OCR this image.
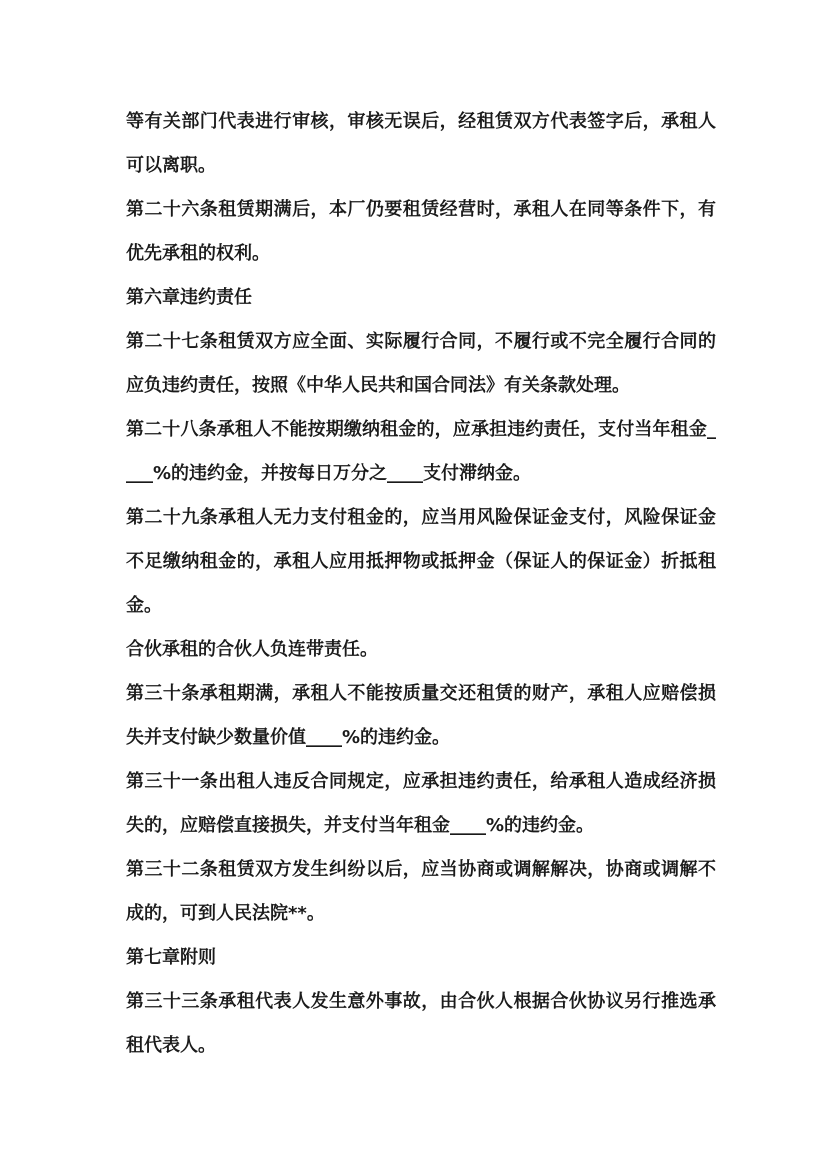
等有关部门代表进行审核，审核无误后，经租赁双方代表签字后，承租人可以离职。

第二十六条租赁期满后，本厂仍要租赁经营时，承租人在同等条件下，有优先承租的权利。

第六章违约责任

第二十七条租赁双方应全面、实际履行合同，不履行或不完全履行合同的应负违约责任，按照《中华人民共和国合同法》有关条款处理。

第二十八条承租人不能按期缴纳租金的，应承担违约责任，支付当年租金____%的违约金，并按每日万分之____支付滞纳金。

第二十九条承租人无力支付租金的，应当用风险保证金支付，风险保证金不足缴纳租金的，承租人应用抵押物或抵押金（保证人的保证金）折抵租金。

合伙承租的合伙人负连带责任。

第三十条承租期满，承租人不能按质量交还租赁的财产，承租人应赔偿损失并支付缺少数量价值____%的违约金。

第三十一条出租人违反合同规定，应承担违约责任，给承租人造成经济损失的，应赔偿直接损失，并支付当年租金____%的违约金。

第三十二条租赁双方发生纠纷以后，应当协商或调解解决，协商或调解不成的，可到人民法院**。

第七章附则

第三十三条承租代表人发生意外事故，由合伙人根据合伙协议另行推选承租代表人。
